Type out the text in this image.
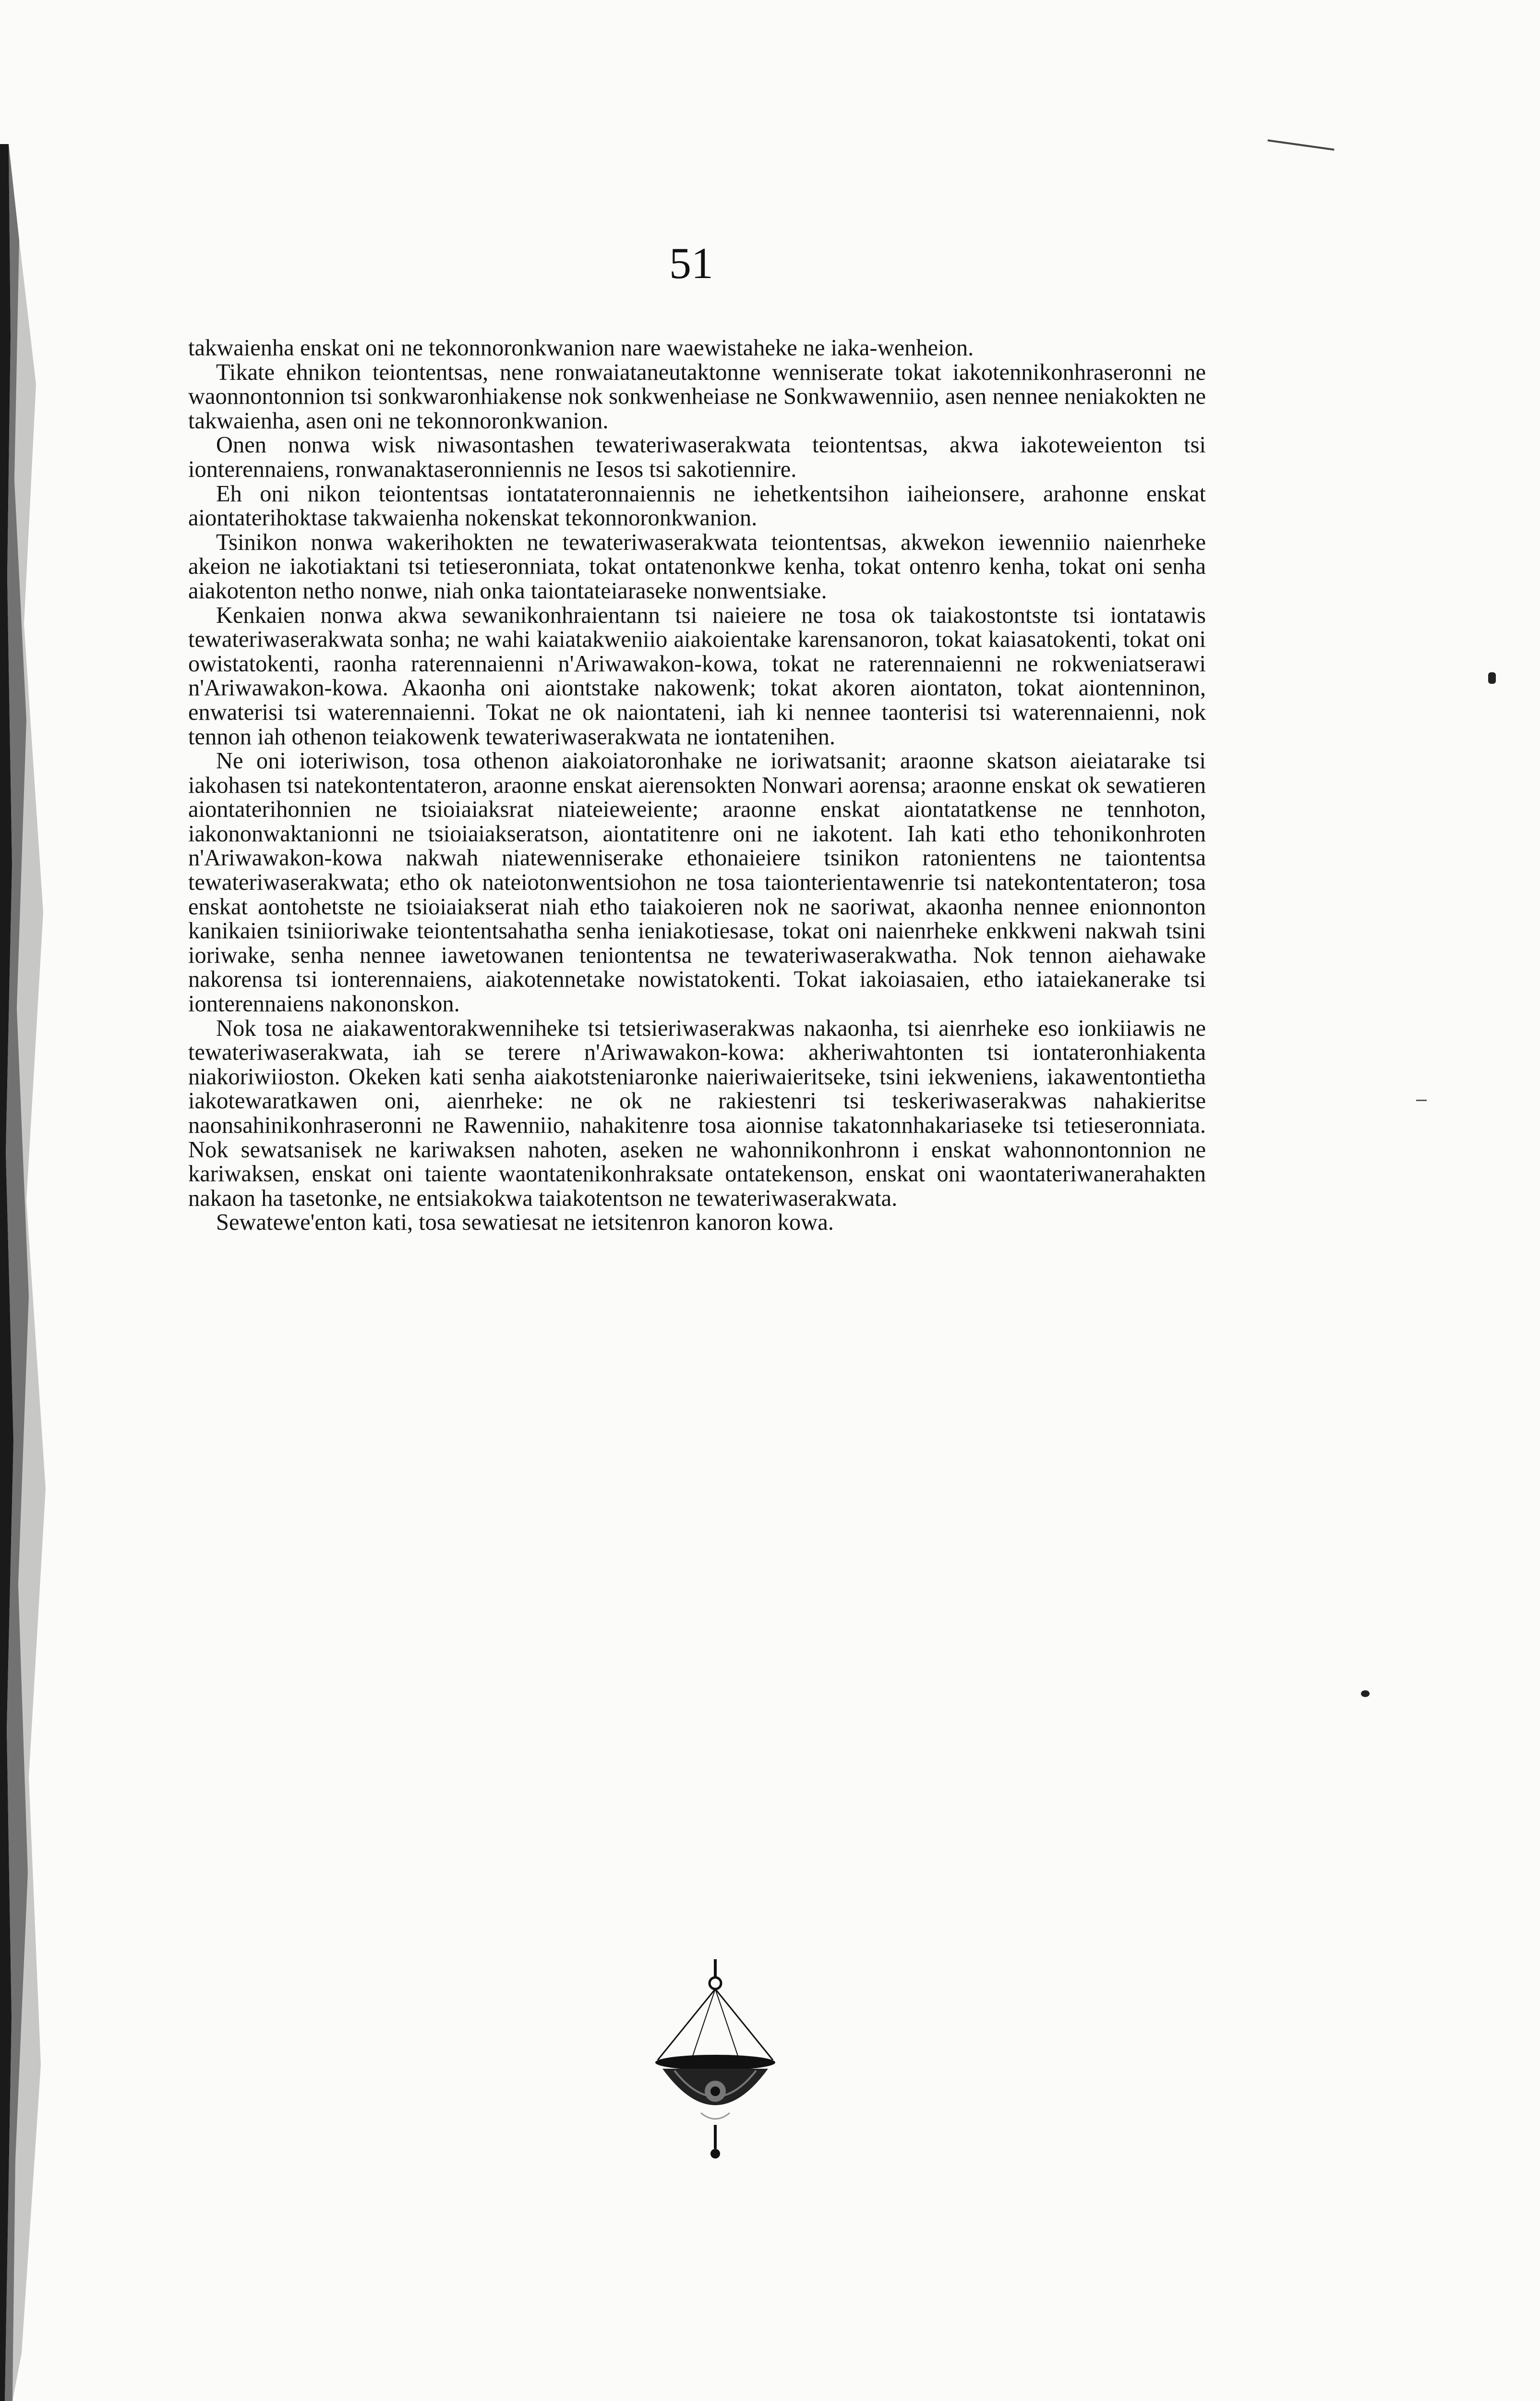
51

takwaienha enskat oni ne tekonnoronkwanion nare waewistaheke ne iaka-wenheion.

Tikate ehnikon teiontentsas, nene ronwaiataneutaktonne wenniserate tokat iakotennikonhraseronni ne waonnontonnion tsi sonkwaronhiakense nok sonkwenheiase ne Sonkwawenniio, asen nennee neniakokten ne takwaienha, asen oni ne tekonnoronkwanion.

Onen nonwa wisk niwasontashen tewateriwaserakwata teiontentsas, akwa iakoteweienton tsi ionterennaiens, ronwanaktaseronniennis ne Iesos tsi sakotiennire.

Eh oni nikon teiontentsas iontatateronnaiennis ne iehetkentsihon iaiheionsere, arahonne enskat aiontaterihoktase takwaienha nokenskat tekonnoronkwanion.

Tsinikon nonwa wakerihokten ne tewateriwaserakwata teiontentsas, akwekon iewenniio naienrheke akeion ne iakotiaktani tsi tetieseronniata, tokat ontatenonkwe kenha, tokat ontenro kenha, tokat oni senha aiakotenton netho nonwe, niah onka taiontateiaraseke nonwentsiake.

Kenkaien nonwa akwa sewanikonhraientann tsi naieiere ne tosa ok taiakostontste tsi iontatawis tewateriwaserakwata sonha; ne wahi kaiatakweniio aiakoientake karensanoron, tokat kaiasatokenti, tokat oni owistatokenti, raonha raterennaienni n'Ariwawakon-kowa, tokat ne raterennaienni ne rokweniatserawi n'Ariwawakon-kowa. Akaonha oni aiontstake nakowenk; tokat akoren aiontaton, tokat aiontenninon, enwaterisi tsi waterennaienni. Tokat ne ok naiontateni, iah ki nennee taonterisi tsi waterennaienni, nok tennon iah othenon teiakowenk tewateriwaserakwata ne iontatenihen.

Ne oni ioteriwison, tosa othenon aiakoiatoronhake ne ioriwatsanit; araonne skatson aieiatarake tsi iakohasen tsi natekontentateron, araonne enskat aierensokten Nonwari aorensa; araonne enskat ok sewatieren aiontaterihonnien ne tsioiaiaksrat niateieweiente; araonne enskat aiontatatkense ne tennhoton, iakononwaktanionni ne tsioiaiakseratson, aiontatitenre oni ne iakotent. Iah kati etho tehonikonhroten n'Ariwawakon-kowa nakwah niatewenniserake ethonaieiere tsinikon ratonientens ne taiontentsa tewateriwaserakwata; etho ok nateiotonwentsiohon ne tosa taionterientawenrie tsi natekontentateron; tosa enskat aontohetste ne tsioiaiakserat niah etho taiakoieren nok ne saoriwat, akaonha nennee enionnonton kanikaien tsiniioriwake teiontentsahatha senha ieniakotiesase, tokat oni naienrheke enkkweni nakwah tsini ioriwake, senha nennee iawetowanen teniontentsa ne tewateriwaserakwatha. Nok tennon aiehawake nakorensa tsi ionterennaiens, aiakotennetake nowistatokenti. Tokat iakoiasaien, etho iataiekanerake tsi ionterennaiens nakononskon.

Nok tosa ne aiakawentorakwenniheke tsi tetsieriwaserakwas nakaonha, tsi aienrheke eso ionkiiawis ne tewateriwaserakwata, iah se terere n'Ariwawakon-kowa: akheriwahtonten tsi iontateronhiakenta niakoriwiioston. Okeken kati senha aiakotsteniaronke naieriwaieritseke, tsini iekweniens, iakawentontietha iakotewaratkawen oni, aienrheke: ne ok ne rakiestenri tsi teskeriwaserakwas nahakieritse naonsahinikonhraseronni ne Rawenniio, nahakitenre tosa aionnise takatonnhakariaseke tsi tetieseronniata. Nok sewatsanisek ne kariwaksen nahoten, aseken ne wahonnikonhronn i enskat wahonnontonnion ne kariwaksen, enskat oni taiente waontatenikonhraksate ontatekenson, enskat oni waontateriwanerahakten nakaon ha tasetonke, ne entsiakokwa taiakotentson ne tewateriwaserakwata.

Sewatewe'enton kati, tosa sewatiesat ne ietsitenron kanoron kowa.
